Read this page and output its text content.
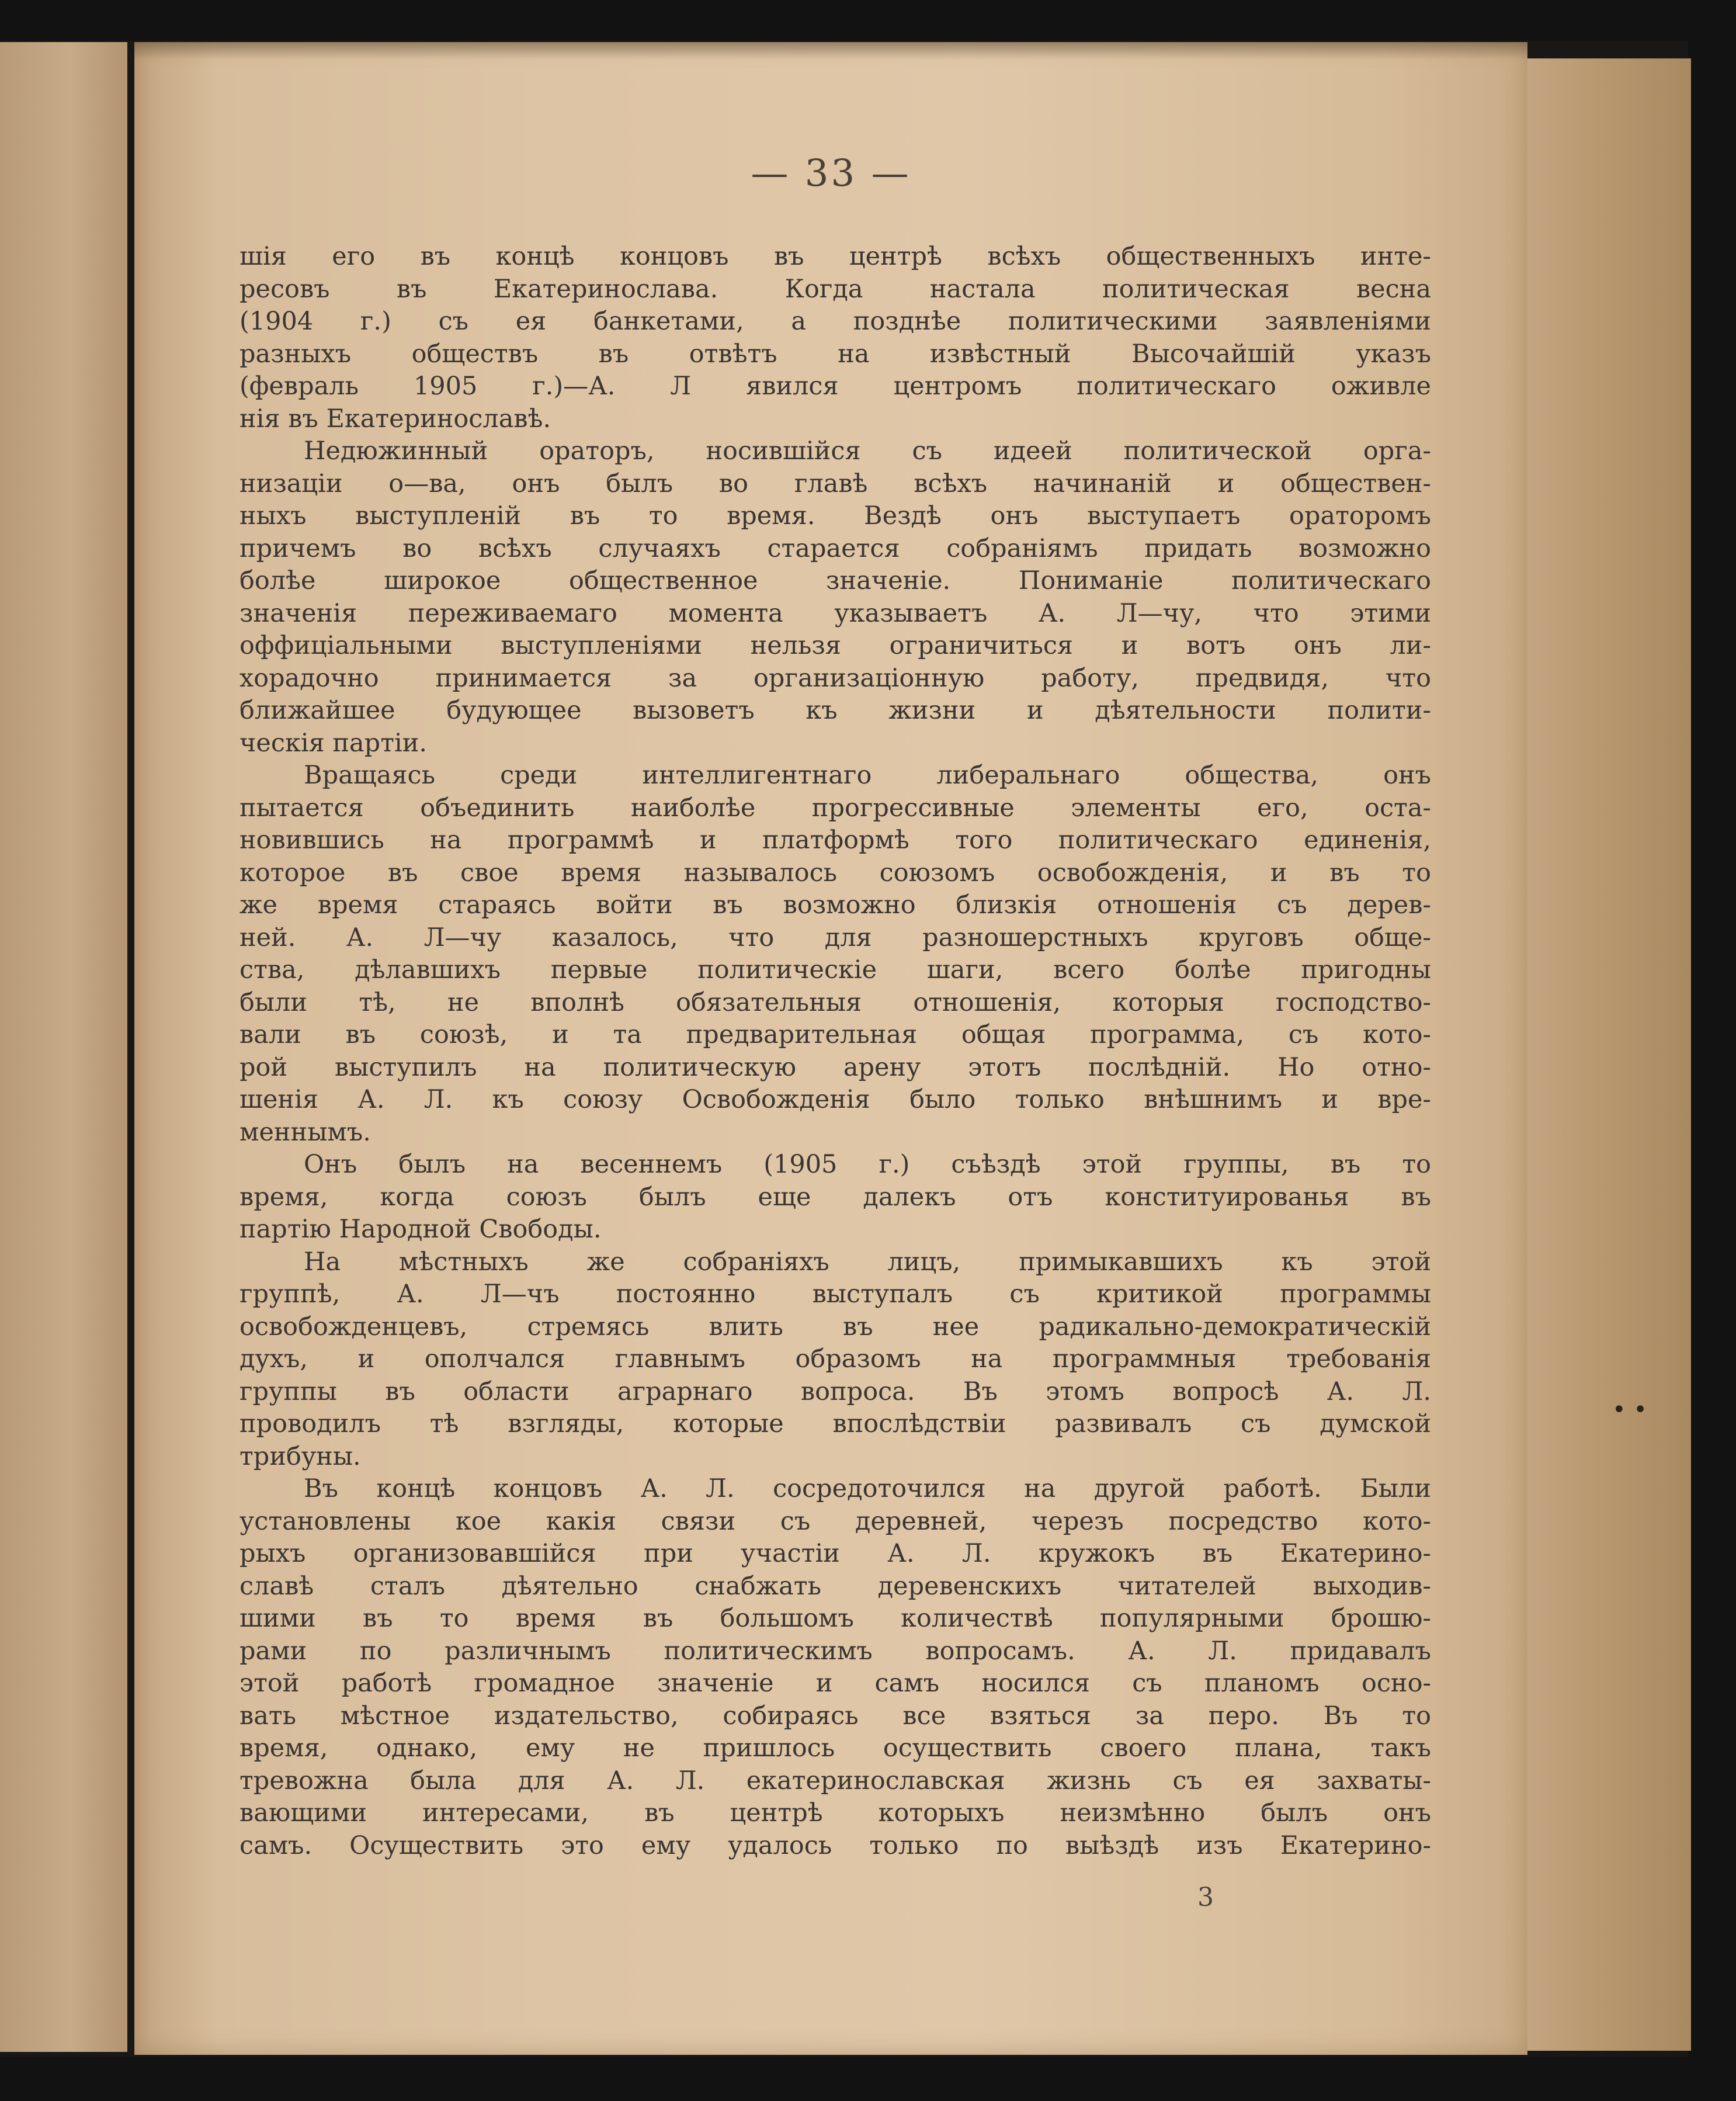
— 33 —
шія его въ концѣ концовъ въ центрѣ всѣхъ общественныхъ инте-
ресовъ въ Екатеринослава. Когда настала политическая весна
(1904 г.) съ ея банкетами, а позднѣе политическими заявленіями
разныхъ обществъ въ отвѣтъ на извѣстный Высочайшій указъ
(февраль 1905 г.)—А. Л явился центромъ политическаго оживле
нія въ Екатеринославѣ.
Недюжинный ораторъ, носившійся съ идеей политической орга-
низаціи о—ва, онъ былъ во главѣ всѣхъ начинаній и обществен-
ныхъ выступленій въ то время. Вездѣ онъ выступаетъ ораторомъ
причемъ во всѣхъ случаяхъ старается собраніямъ придать возможно
болѣе широкое общественное значеніе. Пониманіе политическаго
значенія переживаемаго момента указываетъ А. Л—чу, что этими
оффиціальными выступленіями нельзя ограничиться и вотъ онъ ли-
хорадочно принимается за организаціонную работу, предвидя, что
ближайшее будующее вызоветъ къ жизни и дѣятельности полити-
ческія партіи.
Вращаясь среди интеллигентнаго либеральнаго общества, онъ
пытается объединить наиболѣе прогрессивные элементы его, оста-
новившись на программѣ и платформѣ того политическаго единенія,
которое въ свое время называлось союзомъ освобожденія, и въ то
же время стараясь войти въ возможно близкія отношенія съ дерев-
ней. А. Л—чу казалось, что для разношерстныхъ круговъ обще-
ства, дѣлавшихъ первые политическіе шаги, всего болѣе пригодны
были тѣ, не вполнѣ обязательныя отношенія, которыя господство-
вали въ союзѣ, и та предварительная общая программа, съ кото-
рой выступилъ на политическую арену этотъ послѣдній. Но отно-
шенія А. Л. къ союзу Освобожденія было только внѣшнимъ и вре-
меннымъ.
Онъ былъ на весеннемъ (1905 г.) съѣздѣ этой группы, въ то
время, когда союзъ былъ еще далекъ отъ конституированья въ
партію Народной Свободы.
На мѣстныхъ же собраніяхъ лицъ, примыкавшихъ къ этой
группѣ, А. Л—чъ постоянно выступалъ съ критикой программы
освобожденцевъ, стремясь влить въ нее радикально-демократическій
духъ, и ополчался главнымъ образомъ на программныя требованія
группы въ области аграрнаго вопроса. Въ этомъ вопросѣ А. Л.
проводилъ тѣ взгляды, которые впослѣдствіи развивалъ съ думской
трибуны.
Въ концѣ концовъ А. Л. сосредоточился на другой работѣ. Были
установлены кое какія связи съ деревней, черезъ посредство кото-
рыхъ организовавшійся при участіи А. Л. кружокъ въ Екатерино-
славѣ сталъ дѣятельно снабжать деревенскихъ читателей выходив-
шими въ то время въ большомъ количествѣ популярными брошю-
рами по различнымъ политическимъ вопросамъ. А. Л. придавалъ
этой работѣ громадное значеніе и самъ носился съ планомъ осно-
вать мѣстное издательство, собираясь все взяться за перо. Въ то
время, однако, ему не пришлось осуществить своего плана, такъ
тревожна была для А. Л. екатеринославская жизнь съ ея захваты-
вающими интересами, въ центрѣ которыхъ неизмѣнно былъ онъ
самъ. Осуществить это ему удалось только по выѣздѣ изъ Екатерино-
3
• •
